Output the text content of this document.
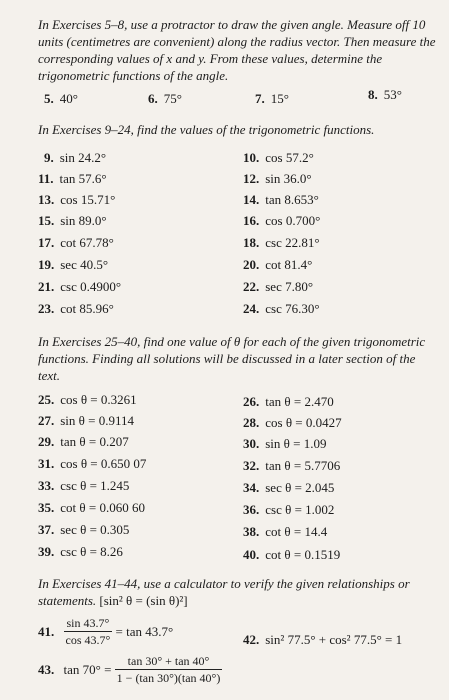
In Exercises 5–8, use a protractor to draw the given angle. Measure off 10 units (centimetres are convenient) along the radius vector. Then measure the corresponding values of x and y. From these values, determine the trigonometric functions of the angle.
5. 40°	6. 75°	7. 15°	8. 53°
In Exercises 9–24, find the values of the trigonometric functions.
9. sin 24.2°	10. cos 57.2°
11. tan 57.6°	12. sin 36.0°
13. cos 15.71°	14. tan 8.653°
15. sin 89.0°	16. cos 0.700°
17. cot 67.78°	18. csc 22.81°
19. sec 40.5°	20. cot 81.4°
21. csc 0.4900°	22. sec 7.80°
23. cot 85.96°	24. csc 76.30°
In Exercises 25–40, find one value of θ for each of the given trigonometric functions. Finding all solutions will be discussed in a later section of the text.
25. cos θ = 0.3261	26. tan θ = 2.470
27. sin θ = 0.9114	28. cos θ = 0.0427
29. tan θ = 0.207	30. sin θ = 1.09
31. cos θ = 0.650 07	32. tan θ = 5.7706
33. csc θ = 1.245	34. sec θ = 2.045
35. cot θ = 0.060 60	36. csc θ = 1.002
37. sec θ = 0.305	38. cot θ = 14.4
39. csc θ = 8.26	40. cot θ = 0.1519
In Exercises 41–44, use a calculator to verify the given relationships or statements. [sin² θ = (sin θ)²]
41. $\frac{\sin 43.7^\circ}{\cos 43.7^\circ} = \tan 43.7^\circ$
42. sin² 77.5° + cos² 77.5° = 1
43. $\tan 70^\circ = \frac{\tan 30^\circ + \tan 40^\circ}{1 - (\tan 30^\circ)(\tan 40^\circ)}$
